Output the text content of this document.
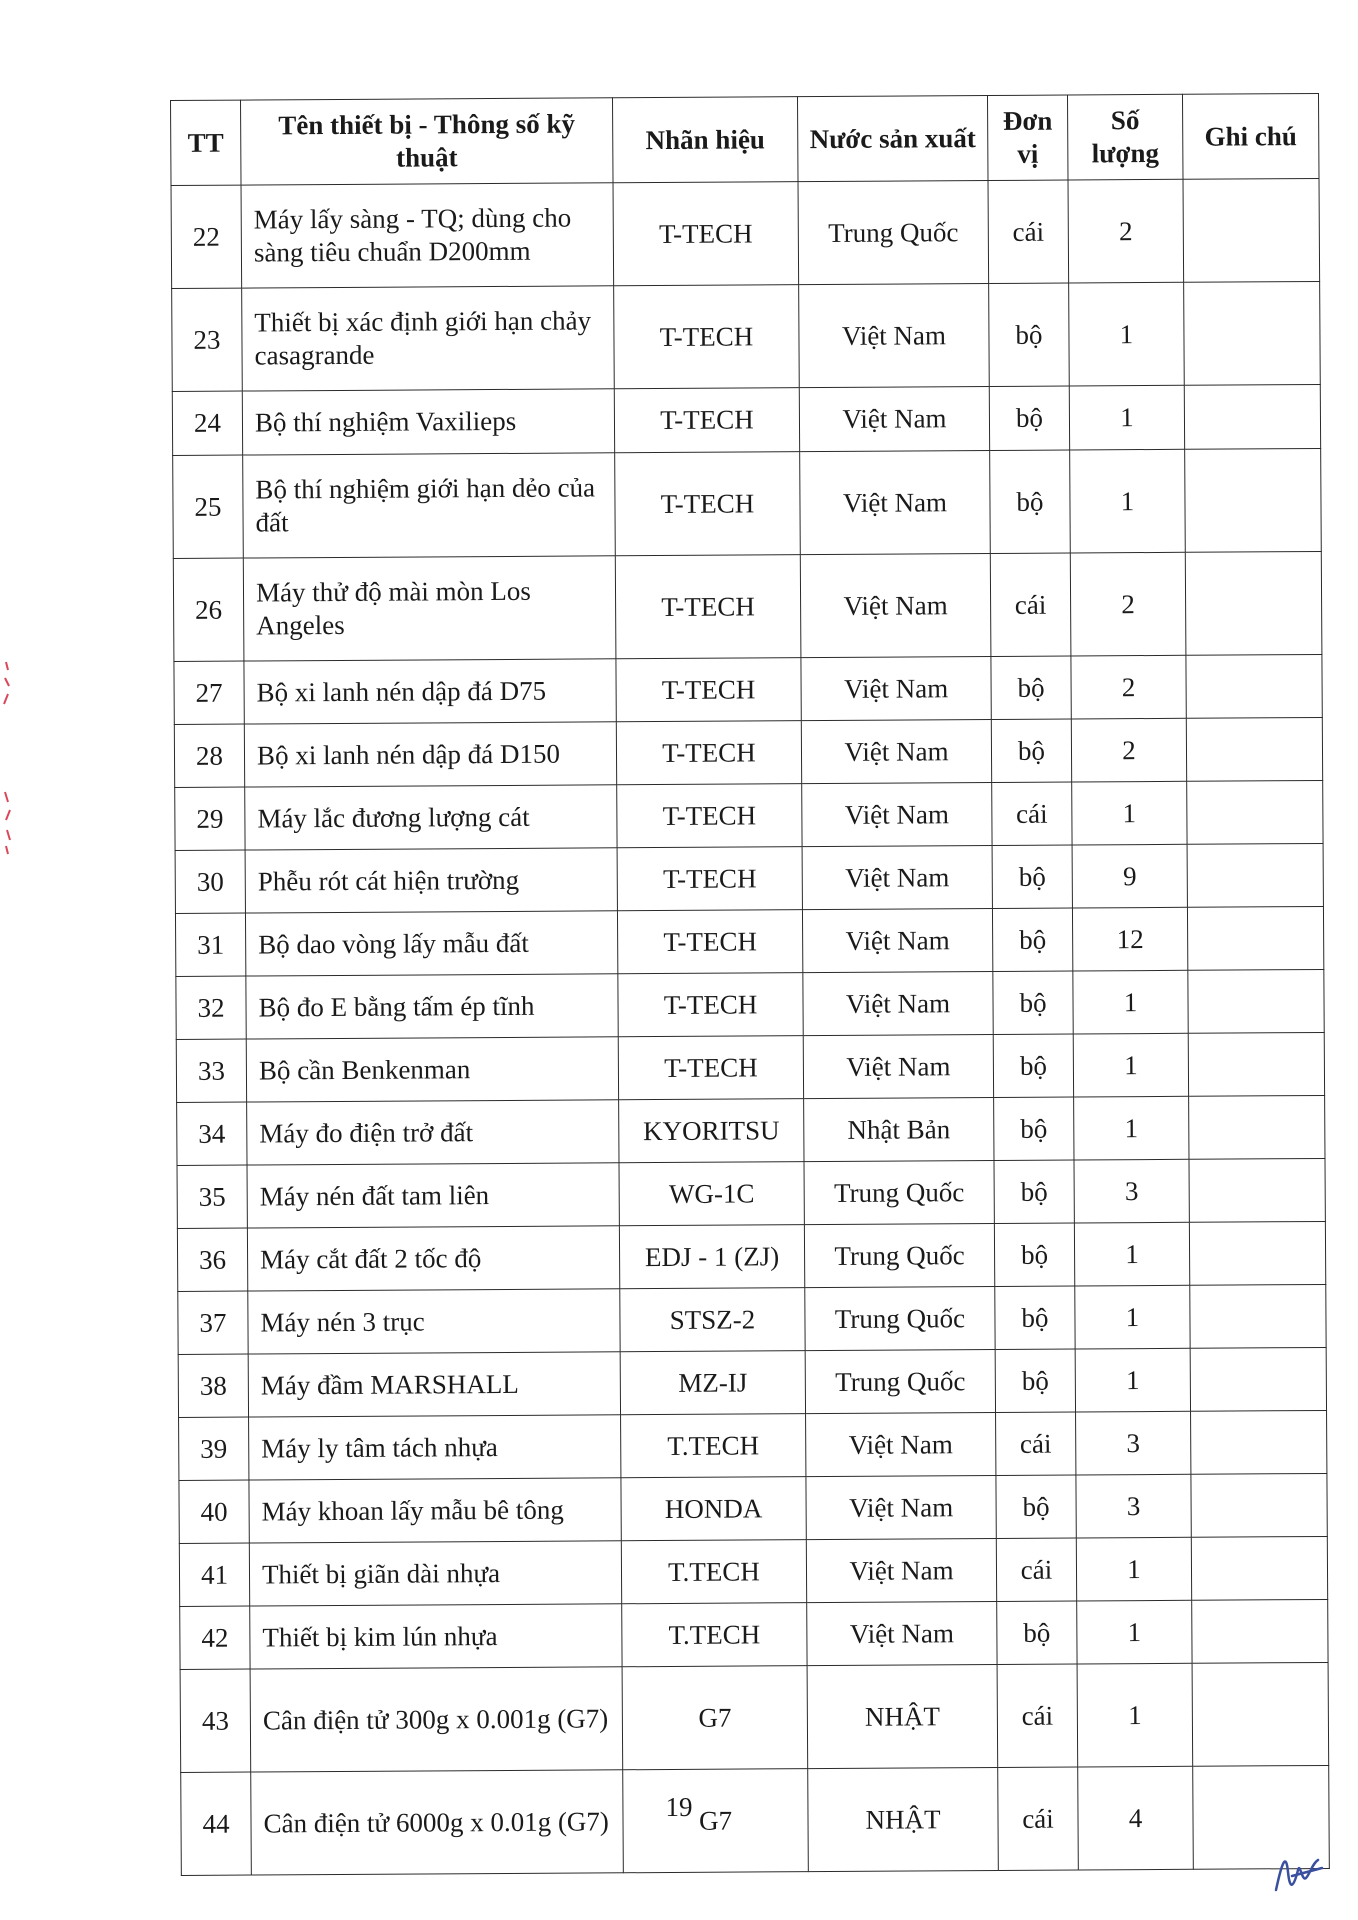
TT	Tên thiết bị - Thông số kỹ thuật	Nhãn hiệu	Nước sản xuất	Đơn vị	Số lượng	Ghi chú
22	Máy lấy sàng - TQ; dùng cho sàng tiêu chuẩn D200mm	T-TECH	Trung Quốc	cái	2	
23	Thiết bị xác định giới hạn chảy casagrande	T-TECH	Việt Nam	bộ	1	
24	Bộ thí nghiệm Vaxilieps	T-TECH	Việt Nam	bộ	1	
25	Bộ thí nghiệm giới hạn dẻo của đất	T-TECH	Việt Nam	bộ	1	
26	Máy thử độ mài mòn Los Angeles	T-TECH	Việt Nam	cái	2	
27	Bộ xi lanh nén dập đá D75	T-TECH	Việt Nam	bộ	2	
28	Bộ xi lanh nén dập đá D150	T-TECH	Việt Nam	bộ	2	
29	Máy lắc đương lượng cát	T-TECH	Việt Nam	cái	1	
30	Phễu rót cát hiện trường	T-TECH	Việt Nam	bộ	9	
31	Bộ dao vòng lấy mẫu đất	T-TECH	Việt Nam	bộ	12	
32	Bộ đo E bằng tấm ép tĩnh	T-TECH	Việt Nam	bộ	1	
33	Bộ cần Benkenman	T-TECH	Việt Nam	bộ	1	
34	Máy đo điện trở đất	KYORITSU	Nhật Bản	bộ	1	
35	Máy nén đất tam liên	WG-1C	Trung Quốc	bộ	3	
36	Máy cắt đất 2 tốc độ	EDJ - 1 (ZJ)	Trung Quốc	bộ	1	
37	Máy nén 3 trục	STSZ-2	Trung Quốc	bộ	1	
38	Máy đầm MARSHALL	MZ-IJ	Trung Quốc	bộ	1	
39	Máy ly tâm tách nhựa	T.TECH	Việt Nam	cái	3	
40	Máy khoan lấy mẫu bê tông	HONDA	Việt Nam	bộ	3	
41	Thiết bị giãn dài nhựa	T.TECH	Việt Nam	cái	1	
42	Thiết bị kim lún nhựa	T.TECH	Việt Nam	bộ	1	
43	Cân điện tử 300g x 0.001g (G7)	G7	NHẬT	cái	1	
44	Cân điện tử 6000g x 0.01g (G7)	G7	NHẬT	cái	4	
19
